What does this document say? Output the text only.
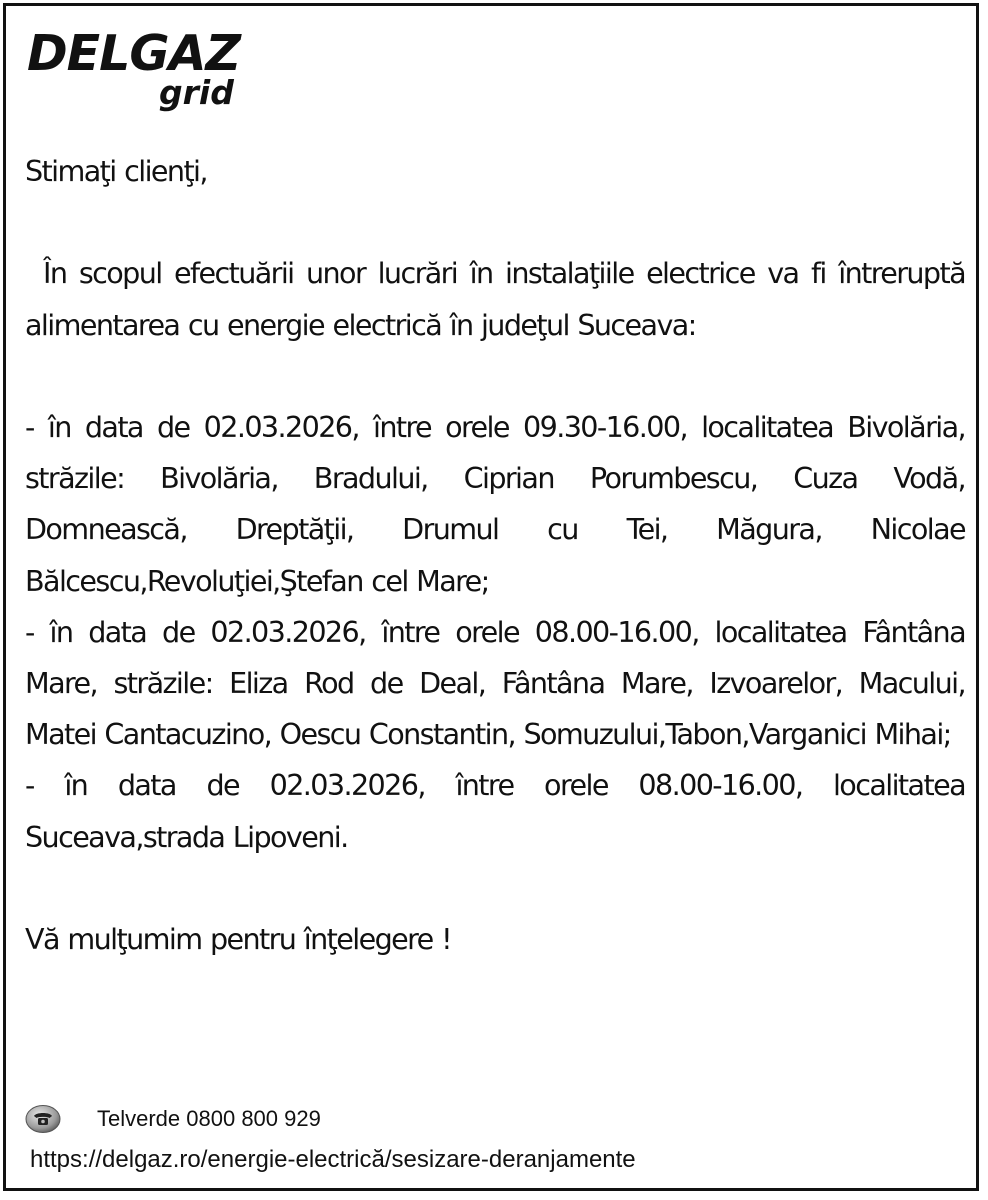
DELGAZ
grid

Stimaţi clienţi,

În scopul efectuării unor lucrări în instalaţiile electrice va fi întreruptă alimentarea cu energie electrică în judeţul Suceava:

- în data de 02.03.2026, între orele 09.30-16.00, localitatea Bivolăria, străzile: Bivolăria, Bradului, Ciprian Porumbescu, Cuza Vodă, Domnească, Dreptăţii, Drumul cu Tei, Măgura, Nicolae Bălcescu,Revoluţiei,Ştefan cel Mare;

- în data de 02.03.2026, între orele 08.00-16.00, localitatea Fântâna Mare, străzile: Eliza Rod de Deal, Fântâna Mare, Izvoarelor, Macului, Matei Cantacuzino, Oescu Constantin, Somuzului,Tabon,Varganici Mihai;

- în data de 02.03.2026, între orele 08.00-16.00, localitatea Suceava,strada Lipoveni.

Vă mulţumim pentru înţelegere !

Telverde 0800 800 929
https://delgaz.ro/energie-electrică/sesizare-deranjamente
